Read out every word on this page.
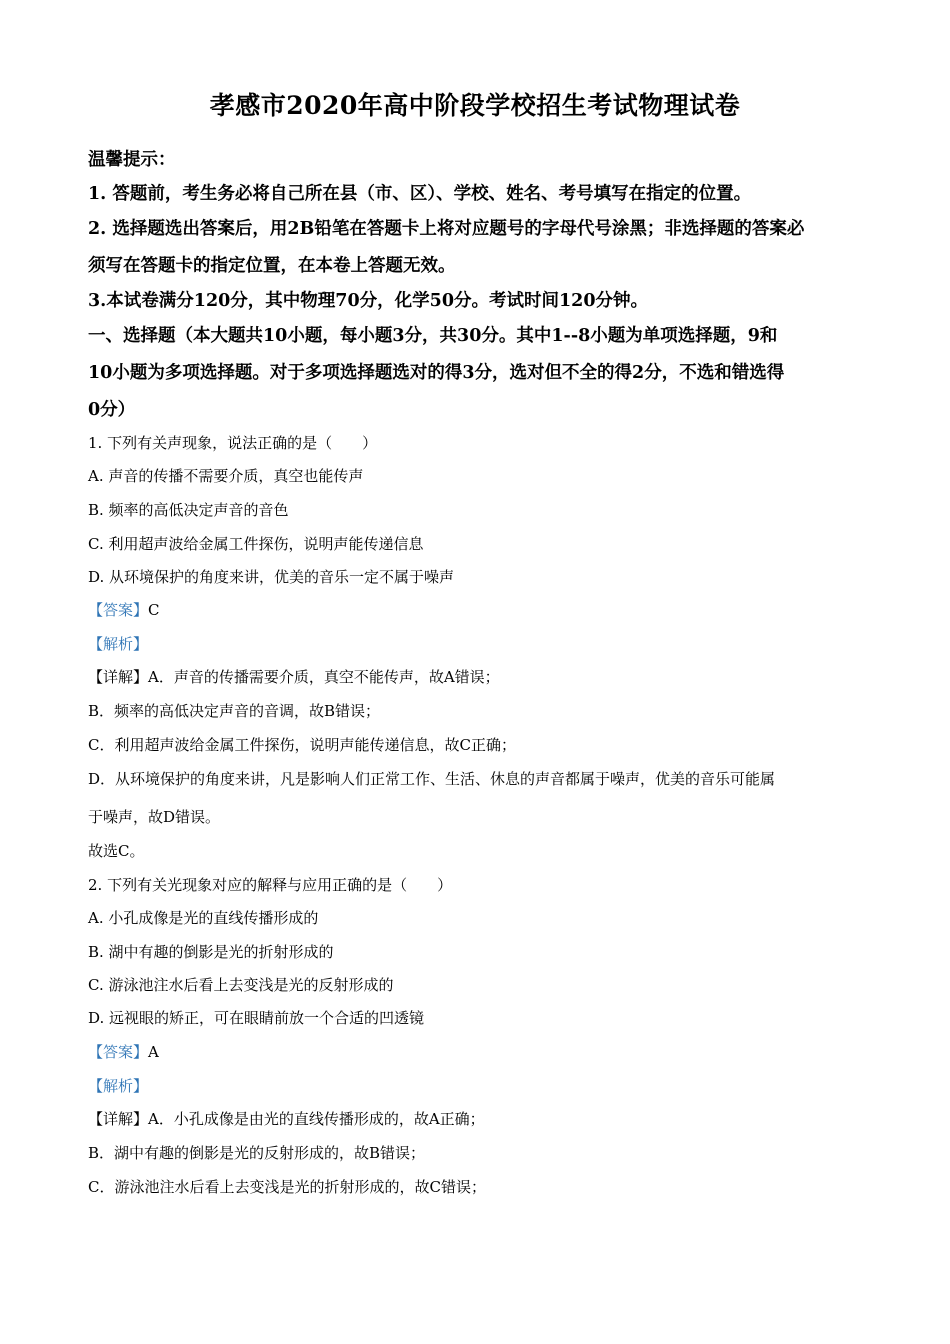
孝感市2020年高中阶段学校招生考试物理试卷
温馨提示：
1. 答题前，考生务必将自己所在县（市、区）、学校、姓名、考号填写在指定的位置。
2. 选择题选出答案后，用2B铅笔在答题卡上将对应题号的字母代号涂黑；非选择题的答案必
须写在答题卡的指定位置，在本卷上答题无效。
3.本试卷满分120分，其中物理70分，化学50分。考试时间120分钟。
一、选择题（本大题共10小题，每小题3分，共30分。其中1--8小题为单项选择题，9和
10小题为多项选择题。对于多项选择题选对的得3分，选对但不全的得2分，不选和错选得
0分）
1. 下列有关声现象，说法正确的是（　　）
A. 声音的传播不需要介质，真空也能传声
B. 频率的高低决定声音的音色
C. 利用超声波给金属工件探伤，说明声能传递信息
D. 从环境保护的角度来讲，优美的音乐一定不属于噪声
【答案】C
【解析】
【详解】A．声音的传播需要介质，真空不能传声，故A错误；
B．频率的高低决定声音的音调，故B错误；
C．利用超声波给金属工件探伤，说明声能传递信息，故C正确；
D．从环境保护的角度来讲，凡是影响人们正常工作、生活、休息的声音都属于噪声，优美的音乐可能属
于噪声，故D错误。
故选C。
2. 下列有关光现象对应的解释与应用正确的是（　　）
A. 小孔成像是光的直线传播形成的
B. 湖中有趣的倒影是光的折射形成的
C. 游泳池注水后看上去变浅是光的反射形成的
D. 远视眼的矫正，可在眼睛前放一个合适的凹透镜
【答案】A
【解析】
【详解】A．小孔成像是由光的直线传播形成的，故A正确；
B．湖中有趣的倒影是光的反射形成的，故B错误；
C．游泳池注水后看上去变浅是光的折射形成的，故C错误；
